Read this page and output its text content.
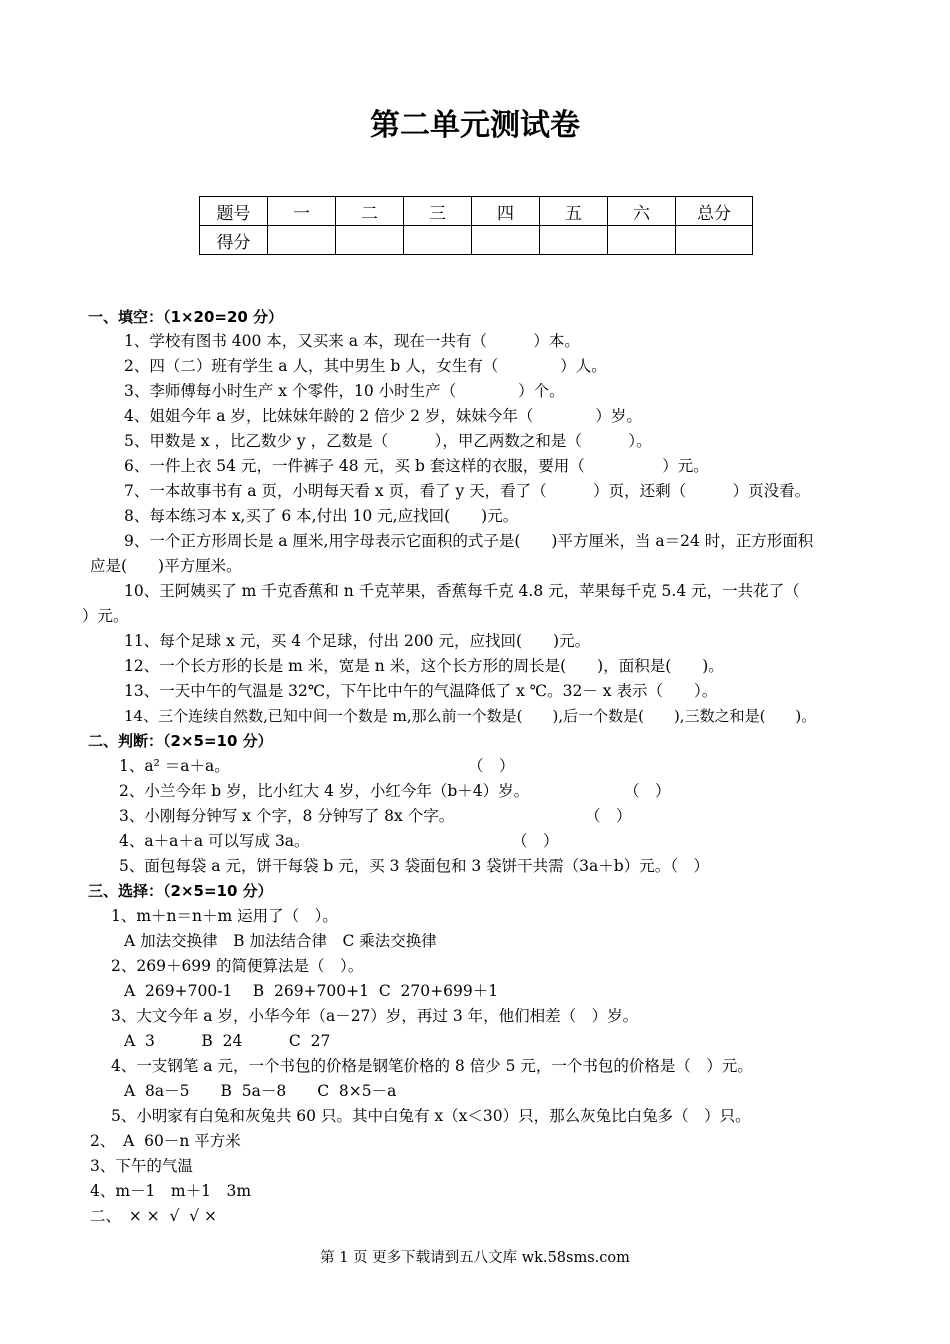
第二单元测试卷
题号	一	二	三	四	五	六	总分
得分							
一、填空：（1×20=20 分）
1、学校有图书 400 本，又买来 a 本，现在一共有（　　　）本。
2、四（二）班有学生 a 人，其中男生 b 人，女生有（　　　　）人。
3、李师傅每小时生产 x 个零件，10 小时生产（　　　　）个。
4、姐姐今年 a 岁，比妹妹年龄的 2 倍少 2 岁，妹妹今年（　　　　）岁。
5、甲数是 x ，比乙数少 y ，乙数是（　　　），甲乙两数之和是（　　　）。
6、一件上衣 54 元，一件裤子 48 元，买 b 套这样的衣服，要用（　　　　　）元。
7、一本故事书有 a 页，小明每天看 x 页，看了 y 天，看了（　　　）页，还剩（　　　）页没看。
8、每本练习本 x,买了 6 本,付出 10 元,应找回(　　)元。
9、一个正方形周长是 a 厘米,用字母表示它面积的式子是(　　)平方厘米，当 a＝24 时，正方形面积
应是(　　)平方厘米。
10、王阿姨买了 m 千克香蕉和 n 千克苹果，香蕉每千克 4.8 元，苹果每千克 5.4 元，一共花了（
）元。
11、每个足球 x 元，买 4 个足球，付出 200 元，应找回(　　)元。
12、一个长方形的长是 m 米，宽是 n 米，这个长方形的周长是(　　)，面积是(　　)。
13、一天中午的气温是 32℃，下午比中午的气温降低了 x ℃。32－ x 表示（　　）。
14、三个连续自然数,已知中间一个数是 m,那么前一个数是(　　),后一个数是(　　),三数之和是(　　)。
二、判断：（2×5=10 分）
1、a² ＝a＋a。	（　）
2、小兰今年 b 岁，比小红大 4 岁，小红今年（b＋4）岁。	（　）
3、小刚每分钟写 x 个字，8 分钟写了 8x 个字。	（　）
4、a＋a＋a 可以写成 3a。	（　）
5、面包每袋 a 元，饼干每袋 b 元，买 3 袋面包和 3 袋饼干共需（3a＋b）元。（　）
三、选择：（2×5=10 分）
1、m＋n＝n＋m 运用了（　）。
A 加法交换律　B 加法结合律　C 乘法交换律
2、269＋699 的简便算法是（　）。
A  269+700-1　 B  269+700+1  C  270+699＋1
3、大文今年 a 岁，小华今年（a－27）岁，再过 3 年，他们相差（　）岁。
A  3　　　B  24　　　C  27
4、一支钢笔 a 元，一个书包的价格是钢笔价格的 8 倍少 5 元，一个书包的价格是（　）元。
A  8a－5　　B  5a－8　　C  8×5－a
5、小明家有白兔和灰兔共 60 只。其中白兔有 x（x＜30）只，那么灰兔比白兔多（　）只。
2、　A  60－n 平方米
3、下午的气温
4、m－1　m＋1　3m
二、　× ×  √  √ ×
第 1 页 更多下载请到五八文库 wk.58sms.com
